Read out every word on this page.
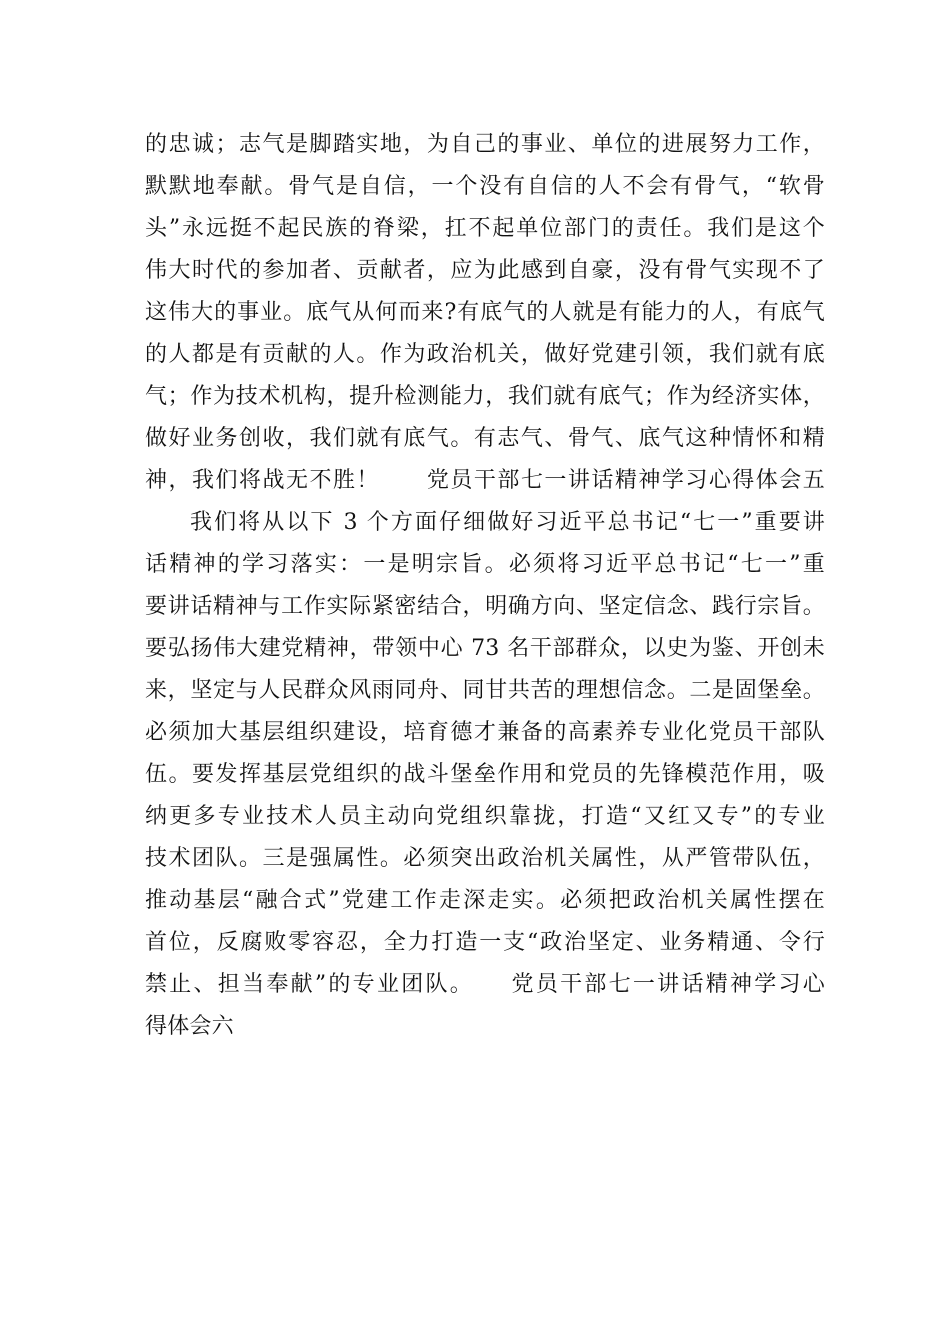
的忠诚；志气是脚踏实地，为自己的事业、单位的进展努力工作，
默默地奉献。骨气是自信，一个没有自信的人不会有骨气，“软骨
头”永远挺不起民族的脊梁，扛不起单位部门的责任。我们是这个
伟大时代的参加者、贡献者，应为此感到自豪，没有骨气实现不了
这伟大的事业。底气从何而来?有底气的人就是有能力的人，有底气
的人都是有贡献的人。作为政治机关，做好党建引领，我们就有底
气；作为技术机构，提升检测能力，我们就有底气；作为经济实体，
做好业务创收，我们就有底气。有志气、骨气、底气这种情怀和精
神，我们将战无不胜！　　党员干部七一讲话精神学习心得体会五
我们将从以下 3 个方面仔细做好习近平总书记“七一”重要讲
话精神的学习落实：一是明宗旨。必须将习近平总书记“七一”重
要讲话精神与工作实际紧密结合，明确方向、坚定信念、践行宗旨。
要弘扬伟大建党精神，带领中心 73 名干部群众，以史为鉴、开创未
来，坚定与人民群众风雨同舟、同甘共苦的理想信念。二是固堡垒。
必须加大基层组织建设，培育德才兼备的高素养专业化党员干部队
伍。要发挥基层党组织的战斗堡垒作用和党员的先锋模范作用，吸
纳更多专业技术人员主动向党组织靠拢，打造“又红又专”的专业
技术团队。三是强属性。必须突出政治机关属性，从严管带队伍，
推动基层“融合式”党建工作走深走实。必须把政治机关属性摆在
首位，反腐败零容忍，全力打造一支“政治坚定、业务精通、令行
禁止、担当奉献”的专业团队。　　党员干部七一讲话精神学习心
得体会六
